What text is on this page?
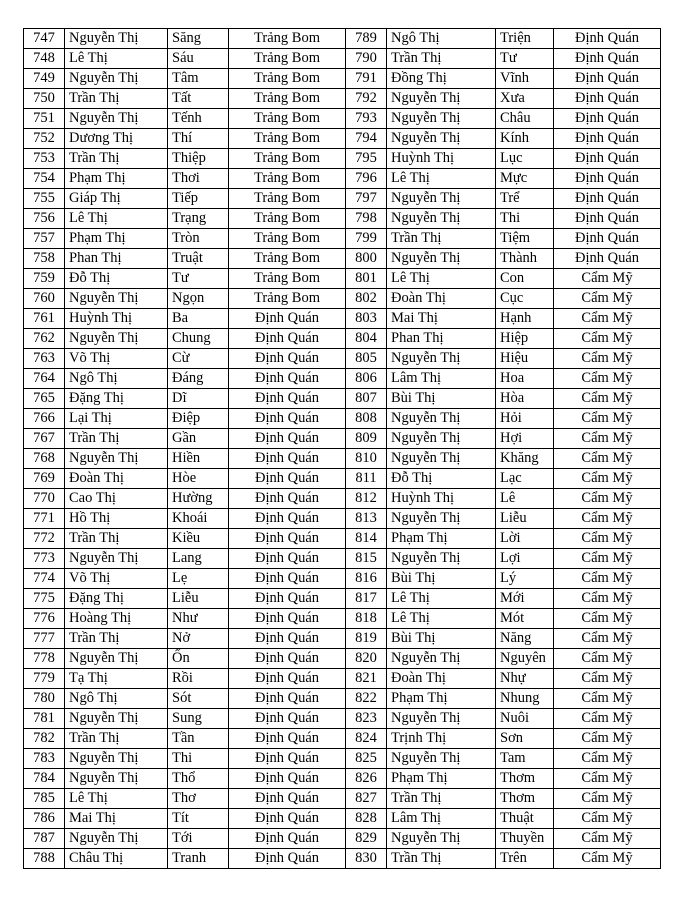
747	Nguyễn Thị	Săng	Trảng Bom	789	Ngô Thị	Triện	Định Quán
748	Lê Thị	Sáu	Trảng Bom	790	Trần Thị	Tư	Định Quán
749	Nguyễn Thị	Tâm	Trảng Bom	791	Đồng Thị	Vĩnh	Định Quán
750	Trần Thị	Tất	Trảng Bom	792	Nguyễn Thị	Xưa	Định Quán
751	Nguyễn Thị	Tếnh	Trảng Bom	793	Nguyễn Thị	Châu	Định Quán
752	Dương Thị	Thí	Trảng Bom	794	Nguyễn Thị	Kính	Định Quán
753	Trần Thị	Thiệp	Trảng Bom	795	Huỳnh Thị	Lục	Định Quán
754	Phạm Thị	Thơi	Trảng Bom	796	Lê Thị	Mực	Định Quán
755	Giáp Thị	Tiếp	Trảng Bom	797	Nguyễn Thị	Trể	Định Quán
756	Lê Thị	Trạng	Trảng Bom	798	Nguyễn Thị	Thi	Định Quán
757	Phạm Thị	Tròn	Trảng Bom	799	Trần Thị	Tiệm	Định Quán
758	Phan Thị	Truật	Trảng Bom	800	Nguyễn Thị	Thành	Định Quán
759	Đỗ Thị	Tư	Trảng Bom	801	Lê Thị	Con	Cẩm Mỹ
760	Nguyễn Thị	Ngọn	Trảng Bom	802	Đoàn Thị	Cục	Cẩm Mỹ
761	Huỳnh Thị	Ba	Định Quán	803	Mai Thị	Hạnh	Cẩm Mỹ
762	Nguyễn Thị	Chung	Định Quán	804	Phan Thị	Hiệp	Cẩm Mỹ
763	Võ Thị	Cừ	Định Quán	805	Nguyễn Thị	Hiệu	Cẩm Mỹ
764	Ngô Thị	Đáng	Định Quán	806	Lâm Thị	Hoa	Cẩm Mỹ
765	Đặng Thị	Dĩ	Định Quán	807	Bùi Thị	Hòa	Cẩm Mỹ
766	Lại Thị	Điệp	Định Quán	808	Nguyễn Thị	Hỏi	Cẩm Mỹ
767	Trần Thị	Gần	Định Quán	809	Nguyễn Thị	Hợi	Cẩm Mỹ
768	Nguyễn Thị	Hiền	Định Quán	810	Nguyễn Thị	Khăng	Cẩm Mỹ
769	Đoàn Thị	Hòe	Định Quán	811	Đỗ Thị	Lạc	Cẩm Mỹ
770	Cao Thị	Hường	Định Quán	812	Huỳnh Thị	Lê	Cẩm Mỹ
771	Hồ Thị	Khoái	Định Quán	813	Nguyễn Thị	Liễu	Cẩm Mỹ
772	Trần Thị	Kiều	Định Quán	814	Phạm Thị	Lời	Cẩm Mỹ
773	Nguyễn Thị	Lang	Định Quán	815	Nguyễn Thị	Lợi	Cẩm Mỹ
774	Võ Thị	Lẹ	Định Quán	816	Bùi Thị	Lý	Cẩm Mỹ
775	Đặng Thị	Liễu	Định Quán	817	Lê Thị	Mới	Cẩm Mỹ
776	Hoàng Thị	Như	Định Quán	818	Lê Thị	Mót	Cẩm Mỹ
777	Trần Thị	Nở	Định Quán	819	Bùi Thị	Năng	Cẩm Mỹ
778	Nguyễn Thị	Ốn	Định Quán	820	Nguyễn Thị	Nguyên	Cẩm Mỹ
779	Tạ Thị	Rồi	Định Quán	821	Đoàn Thị	Nhự	Cẩm Mỹ
780	Ngô Thị	Sót	Định Quán	822	Phạm Thị	Nhung	Cẩm Mỹ
781	Nguyễn Thị	Sung	Định Quán	823	Nguyễn Thị	Nuôi	Cẩm Mỹ
782	Trần Thị	Tần	Định Quán	824	Trịnh Thị	Sơn	Cẩm Mỹ
783	Nguyễn Thị	Thi	Định Quán	825	Nguyễn Thị	Tam	Cẩm Mỹ
784	Nguyễn Thị	Thổ	Định Quán	826	Phạm Thị	Thơm	Cẩm Mỹ
785	Lê Thị	Thơ	Định Quán	827	Trần Thị	Thơm	Cẩm Mỹ
786	Mai Thị	Tít	Định Quán	828	Lâm Thị	Thuật	Cẩm Mỹ
787	Nguyễn Thị	Tới	Định Quán	829	Nguyễn Thị	Thuyền	Cẩm Mỹ
788	Châu Thị	Tranh	Định Quán	830	Trần Thị	Trên	Cẩm Mỹ
